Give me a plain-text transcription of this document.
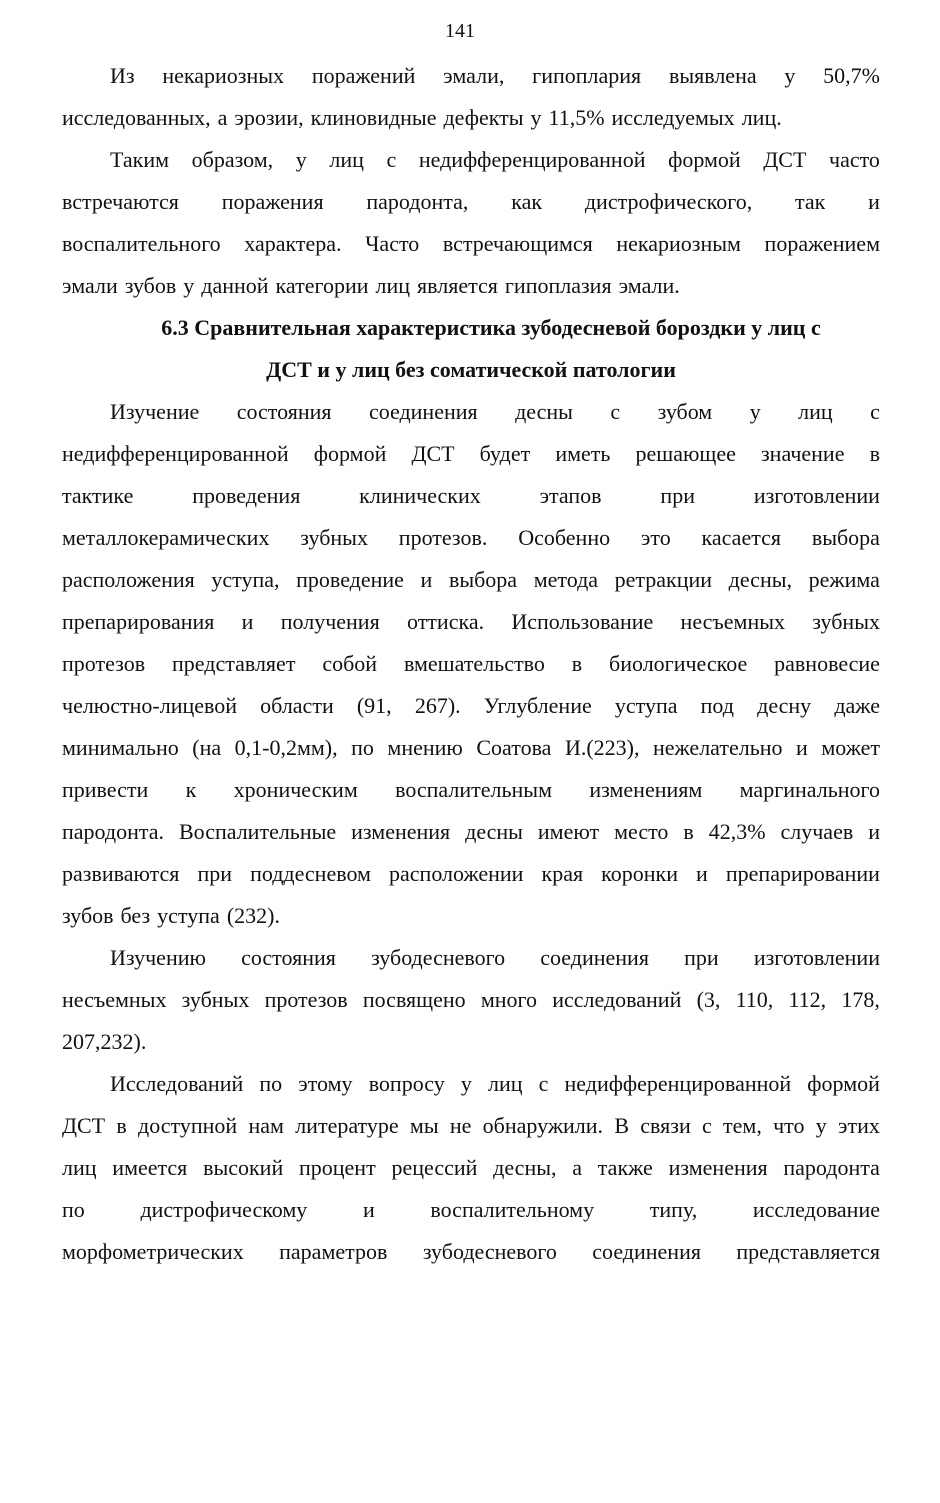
141
Из некариозных поражений эмали, гипоплария выявлена у 50,7%
исследованных, а эрозии, клиновидные дефекты у 11,5% исследуемых лиц.
Таким образом, у лиц с недифференцированной формой ДСТ часто
встречаются поражения пародонта, как дистрофического, так и
воспалительного характера. Часто встречающимся некариозным поражением
эмали зубов у данной категории лиц является гипоплазия эмали.
6.3 Сравнительная характеристика зубодесневой бороздки у лиц с
ДСТ и у лиц без соматической патологии
Изучение состояния соединения десны с зубом у лиц с
недифференцированной формой ДСТ будет иметь решающее значение в
тактике	проведения	клинических	этапов	при	изготовлении
металлокерамических зубных протезов. Особенно это касается выбора
расположения уступа, проведение и выбора метода ретракции десны, режима
препарирования и получения оттиска. Использование несъемных зубных
протезов представляет собой вмешательство в биологическое равновесие
челюстно-лицевой области (91, 267). Углубление уступа под десну даже
минимально (на 0,1-0,2мм), по мнению Соатова И.(223), нежелательно и может
привести к хроническим воспалительным изменениям маргинального
пародонта. Воспалительные изменения десны имеют место в 42,3% случаев и
развиваются при поддесневом расположении края коронки и препарировании
зубов без уступа (232).
Изучению состояния зубодесневого соединения при изготовлении
несъемных зубных протезов посвящено много исследований (3, 110, 112, 178,
207,232).
Исследований по этому вопросу у лиц с недифференцированной формой
ДСТ в доступной нам литературе мы не обнаружили. В связи с тем, что у этих
лиц имеется высокий процент рецессий десны, а также изменения пародонта
по	дистрофическому	и	воспалительному	типу,	исследование
морфометрических параметров зубодесневого соединения представляется
